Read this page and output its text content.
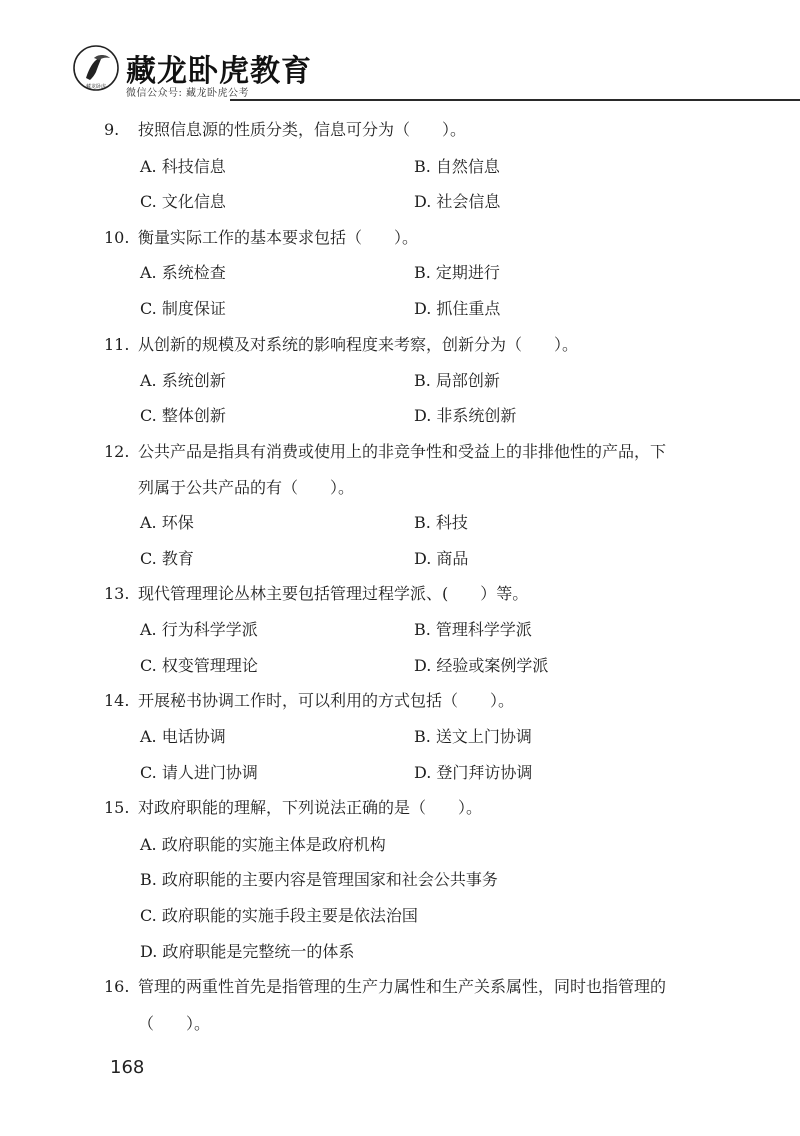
藏龙卧虎 藏龙卧虎教育
微信公众号: 藏龙卧虎公考
9. 按照信息源的性质分类，信息可分为（　　）。
A. 科技信息	B. 自然信息
C. 文化信息	D. 社会信息
10. 衡量实际工作的基本要求包括（　　）。
A. 系统检查	B. 定期进行
C. 制度保证	D. 抓住重点
11. 从创新的规模及对系统的影响程度来考察，创新分为（　　）。
A. 系统创新	B. 局部创新
C. 整体创新	D. 非系统创新
12. 公共产品是指具有消费或使用上的非竞争性和受益上的非排他性的产品，下
列属于公共产品的有（　　）。
A. 环保	B. 科技
C. 教育	D. 商品
13. 现代管理理论丛林主要包括管理过程学派、(　　）等。
A. 行为科学学派	B. 管理科学学派
C. 权变管理理论	D. 经验或案例学派
14. 开展秘书协调工作时，可以利用的方式包括（　　）。
A. 电话协调	B. 送文上门协调
C. 请人进门协调	D. 登门拜访协调
15. 对政府职能的理解，下列说法正确的是（　　）。
A. 政府职能的实施主体是政府机构
B. 政府职能的主要内容是管理国家和社会公共事务
C. 政府职能的实施手段主要是依法治国
D. 政府职能是完整统一的体系
16. 管理的两重性首先是指管理的生产力属性和生产关系属性，同时也指管理的
（　　）。
168
